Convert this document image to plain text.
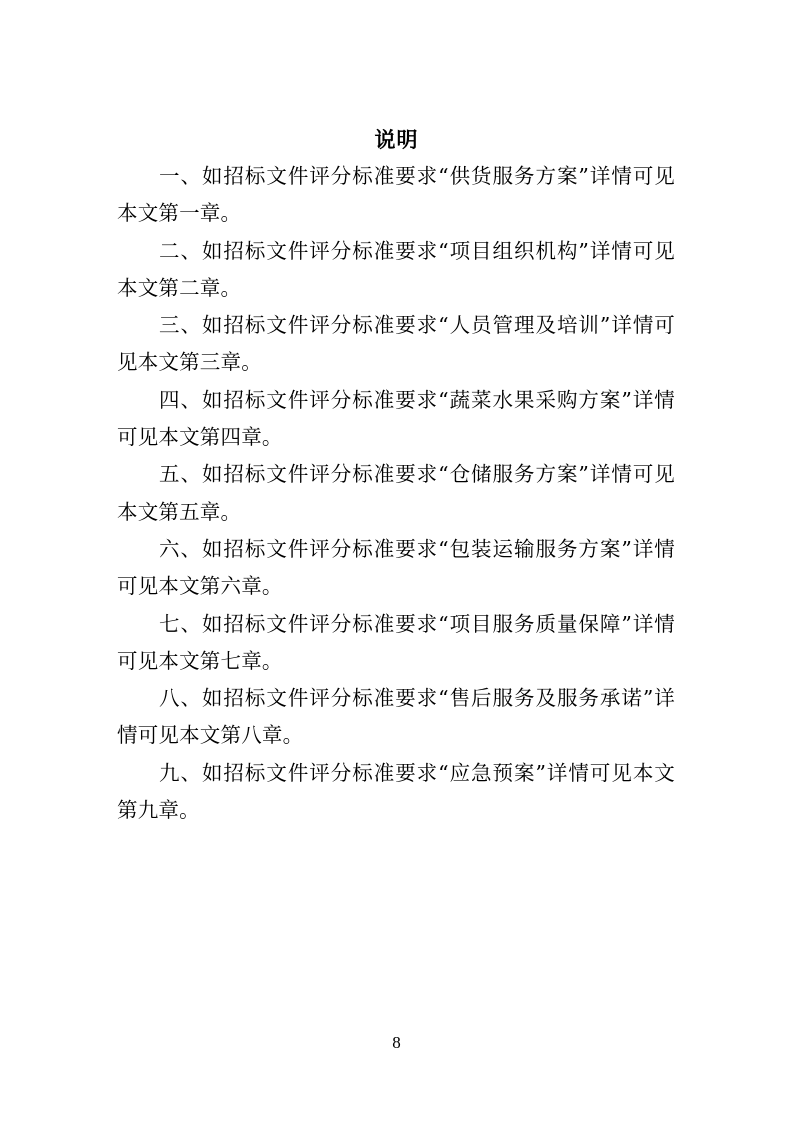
说明

一、如招标文件评分标准要求“供货服务方案”详情可见本文第一章。

二、如招标文件评分标准要求“项目组织机构”详情可见本文第二章。

三、如招标文件评分标准要求“人员管理及培训”详情可见本文第三章。

四、如招标文件评分标准要求“蔬菜水果采购方案”详情可见本文第四章。

五、如招标文件评分标准要求“仓储服务方案”详情可见本文第五章。

六、如招标文件评分标准要求“包装运输服务方案”详情可见本文第六章。

七、如招标文件评分标准要求“项目服务质量保障”详情可见本文第七章。

八、如招标文件评分标准要求“售后服务及服务承诺”详情可见本文第八章。

九、如招标文件评分标准要求“应急预案”详情可见本文第九章。

8
